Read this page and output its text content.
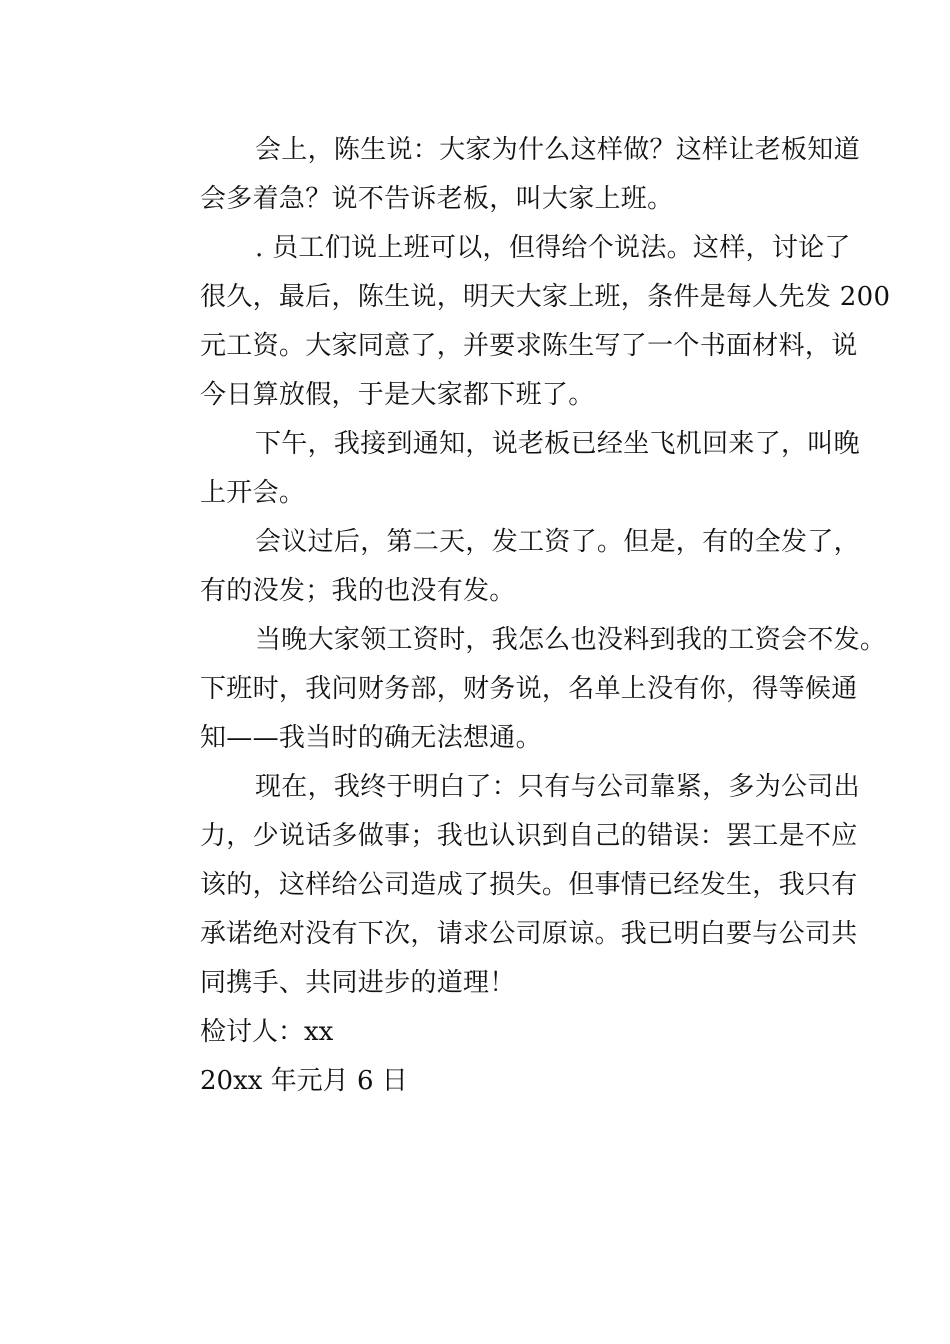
会上，陈生说：大家为什么这样做？这样让老板知道
会多着急？说不告诉老板，叫大家上班。
. 员工们说上班可以，但得给个说法。这样，讨论了
很久，最后，陈生说，明天大家上班，条件是每人先发 200
元工资。大家同意了，并要求陈生写了一个书面材料，说
今日算放假，于是大家都下班了。
下午，我接到通知，说老板已经坐飞机回来了，叫晚
上开会。
会议过后，第二天，发工资了。但是，有的全发了，
有的没发；我的也没有发。
当晚大家领工资时，我怎么也没料到我的工资会不发。
下班时，我问财务部，财务说，名单上没有你，得等候通
知——我当时的确无法想通。
现在，我终于明白了：只有与公司靠紧，多为公司出
力，少说话多做事；我也认识到自己的错误：罢工是不应
该的，这样给公司造成了损失。但事情已经发生，我只有
承诺绝对没有下次，请求公司原谅。我已明白要与公司共
同携手、共同进步的道理！
检讨人：xx
20xx 年元月 6 日
